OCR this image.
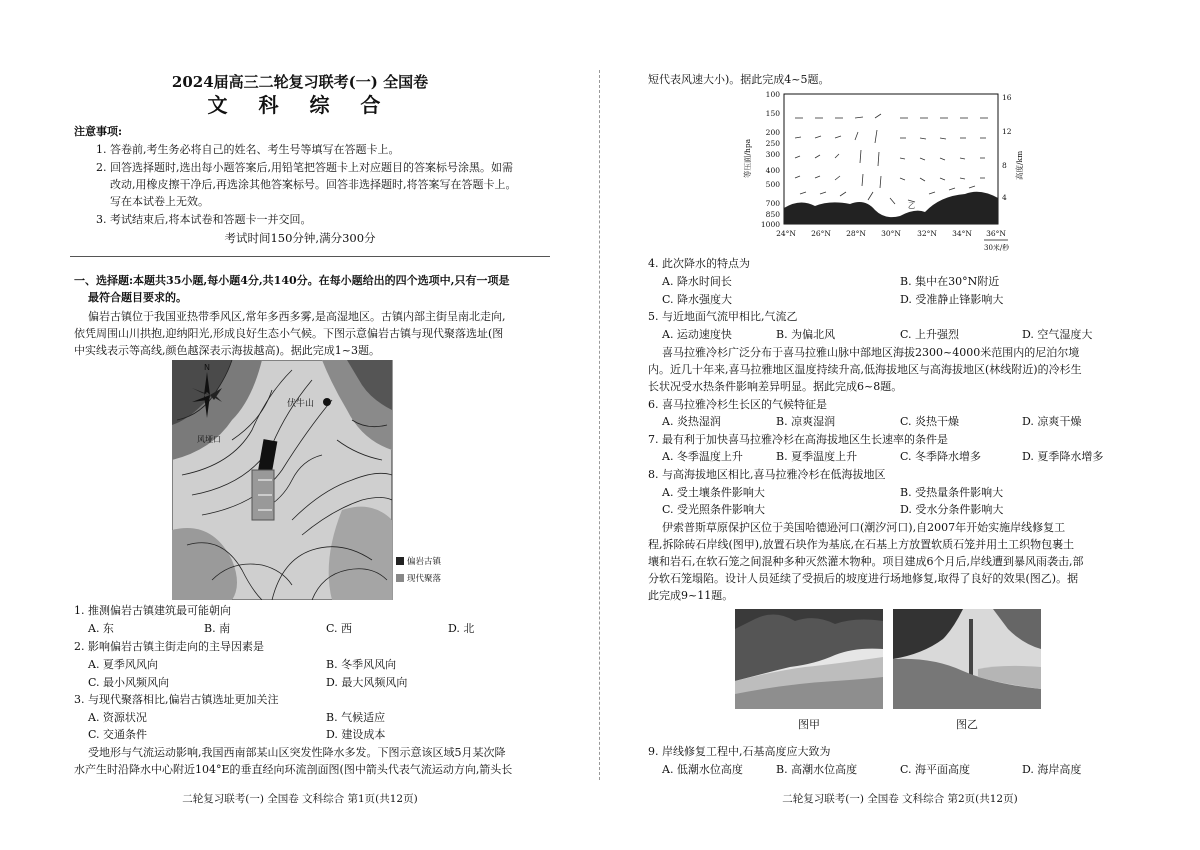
2024届高三二轮复习联考(一) 全国卷
文 科 综 合
注意事项:
1. 答卷前,考生务必将自己的姓名、考生号等填写在答题卡上。
2. 回答选择题时,选出每小题答案后,用铅笔把答题卡上对应题目的答案标号涂黑。如需
改动,用橡皮擦干净后,再选涂其他答案标号。回答非选择题时,将答案写在答题卡上。
写在本试卷上无效。
3. 考试结束后,将本试卷和答题卡一并交回。
考试时间150分钟,满分300分
一、选择题:本题共35小题,每小题4分,共140分。在每小题给出的四个选项中,只有一项是
最符合题目要求的。
偏岩古镇位于我国亚热带季风区,常年多西多雾,是高湿地区。古镇内部主街呈南北走向,
依凭周围山川拱抱,迎纳阳光,形成良好生态小气候。下图示意偏岩古镇与现代聚落选址(图
中实线表示等高线,颜色越深表示海拔越高)。据此完成1~3题。
N
伏牛山
风垭口
偏岩古镇
现代聚落
1. 推测偏岩古镇建筑最可能朝向
A. 东	B. 南	C. 西	D. 北
2. 影响偏岩古镇主街走向的主导因素是
A. 夏季风风向	B. 冬季风风向
C. 最小风频风向	D. 最大风频风向
3. 与现代聚落相比,偏岩古镇选址更加关注
A. 资源状况	B. 气候适应
C. 交通条件	D. 建设成本
受地形与气流运动影响,我国西南部某山区突发性降水多发。下图示意该区域5月某次降
水产生时沿降水中心附近104°E的垂直经向环流剖面图(图中箭头代表气流运动方向,箭头长
二轮复习联考(一) 全国卷 文科综合 第1页(共12页)
短代表风速大小)。据此完成4~5题。
甲	乙
100
150
200
250
300
400
500
700
850
1000
16
12
8
4
等压面/hpa	高度/km
24°N 26°N 28°N 30°N 32°N 34°N 36°N
30米/秒
4. 此次降水的特点为
A. 降水时间长	B. 集中在30°N附近
C. 降水强度大	D. 受准静止锋影响大
5. 与近地面气流甲相比,气流乙
A. 运动速度快	B. 为偏北风	C. 上升强烈	D. 空气湿度大
喜马拉雅冷杉广泛分布于喜马拉雅山脉中部地区海拔2300~4000米范围内的尼泊尔境
内。近几十年来,喜马拉雅地区温度持续升高,低海拔地区与高海拔地区(林线附近)的冷杉生
长状况受水热条件影响差异明显。据此完成6~8题。
6. 喜马拉雅冷杉生长区的气候特征是
A. 炎热湿润	B. 凉爽湿润	C. 炎热干燥	D. 凉爽干燥
7. 最有利于加快喜马拉雅冷杉在高海拔地区生长速率的条件是
A. 冬季温度上升	B. 夏季温度上升	C. 冬季降水增多	D. 夏季降水增多
8. 与高海拔地区相比,喜马拉雅冷杉在低海拔地区
A. 受土壤条件影响大	B. 受热量条件影响大
C. 受光照条件影响大	D. 受水分条件影响大
伊索普斯草原保护区位于美国哈德逊河口(潮汐河口),自2007年开始实施岸线修复工
程,拆除砖石岸线(图甲),放置石块作为基底,在石基上方放置软质石笼并用土工织物包裹土
壤和岩石,在软石笼之间混种多种灭然灌木物种。项目建成6个月后,岸线遭到暴风雨袭击,部
分软石笼塌陷。设计人员延续了受损后的坡度进行场地修复,取得了良好的效果(图乙)。据
此完成9~11题。
图甲	图乙
9. 岸线修复工程中,石基高度应大致为
A. 低潮水位高度	B. 高潮水位高度	C. 海平面高度	D. 海岸高度
二轮复习联考(一) 全国卷 文科综合 第2页(共12页)
